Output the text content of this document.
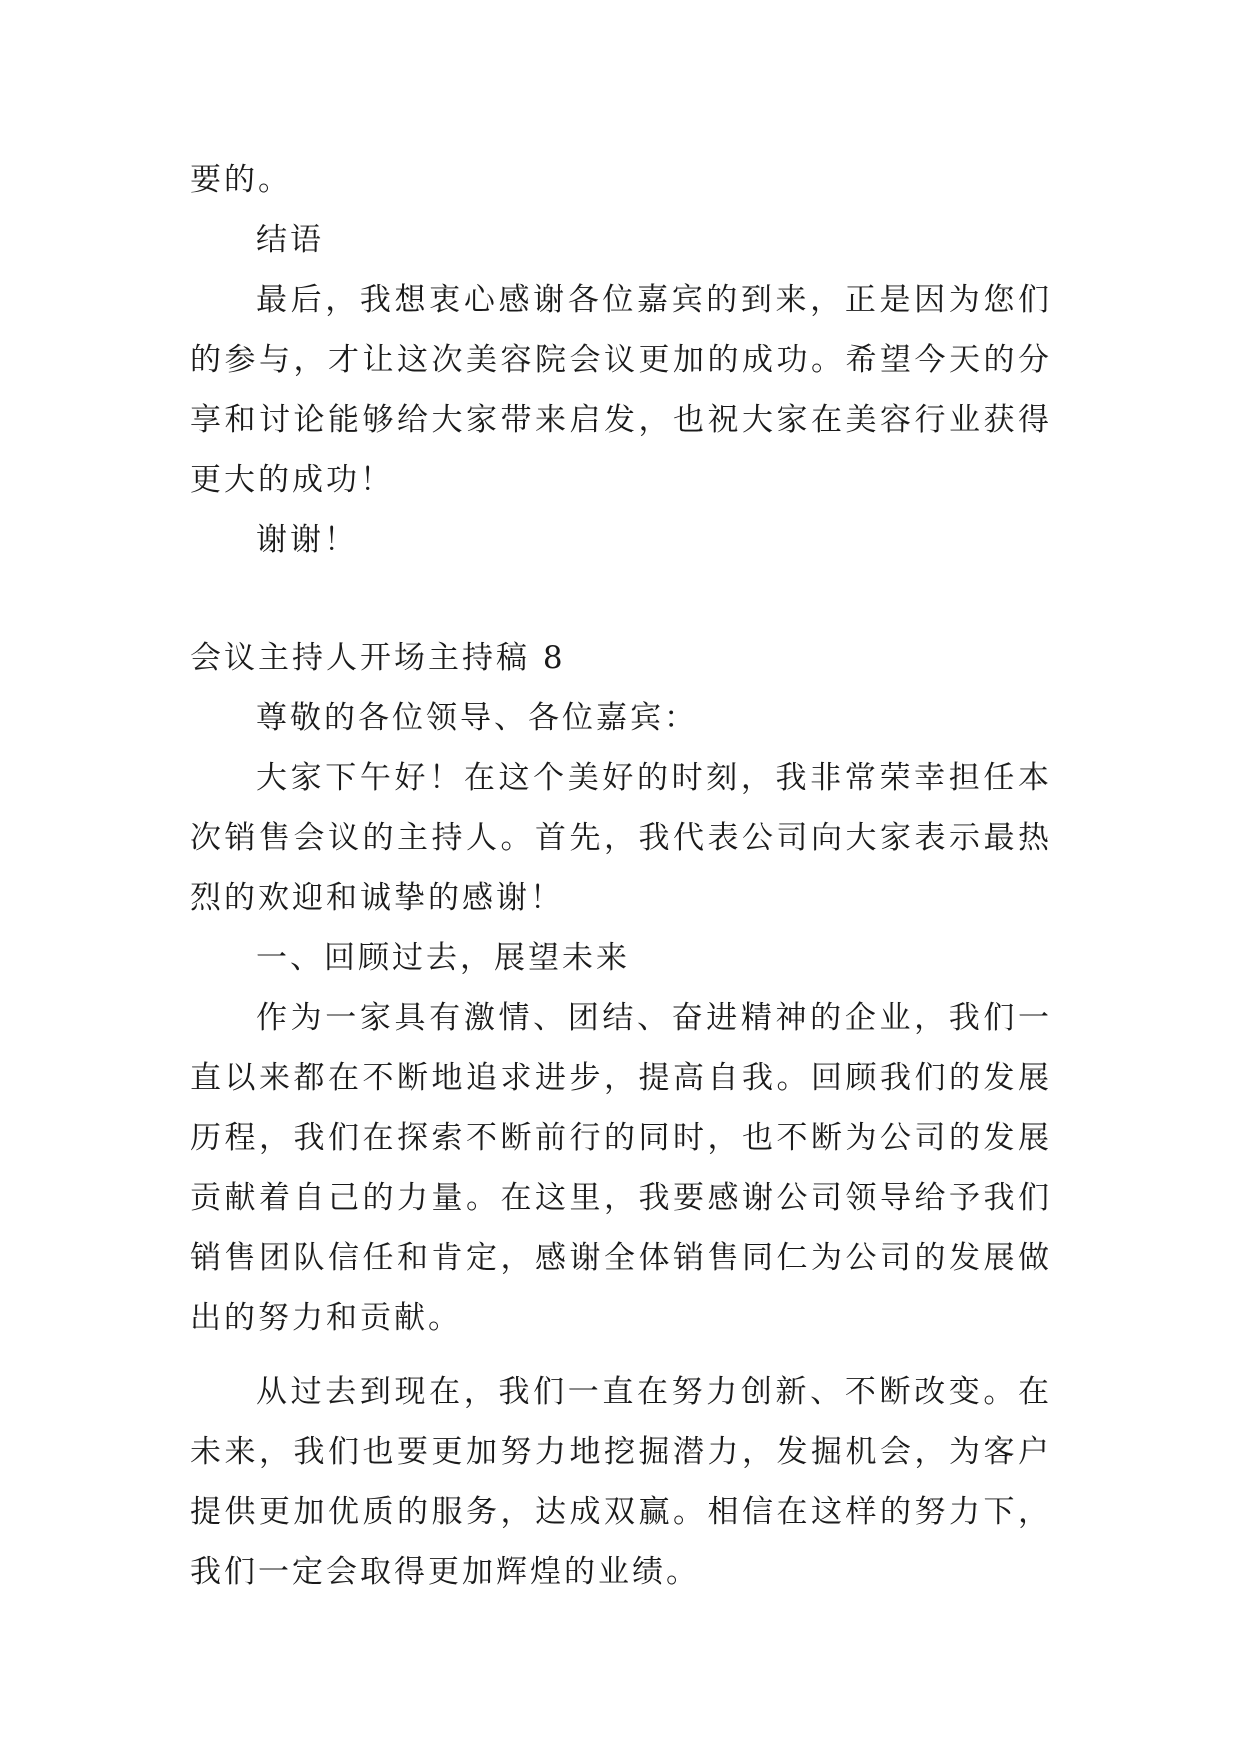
要的。

结语

最后，我想衷心感谢各位嘉宾的到来，正是因为您们的参与，才让这次美容院会议更加的成功。希望今天的分享和讨论能够给大家带来启发，也祝大家在美容行业获得更大的成功！

谢谢！

会议主持人开场主持稿 8

尊敬的各位领导、各位嘉宾：

大家下午好！在这个美好的时刻，我非常荣幸担任本次销售会议的主持人。首先，我代表公司向大家表示最热烈的欢迎和诚挚的感谢！

一、回顾过去，展望未来

作为一家具有激情、团结、奋进精神的企业，我们一直以来都在不断地追求进步，提高自我。回顾我们的发展历程，我们在探索不断前行的同时，也不断为公司的发展贡献着自己的力量。在这里，我要感谢公司领导给予我们销售团队信任和肯定，感谢全体销售同仁为公司的发展做出的努力和贡献。

从过去到现在，我们一直在努力创新、不断改变。在未来，我们也要更加努力地挖掘潜力，发掘机会，为客户提供更加优质的服务，达成双赢。相信在这样的努力下，我们一定会取得更加辉煌的业绩。
